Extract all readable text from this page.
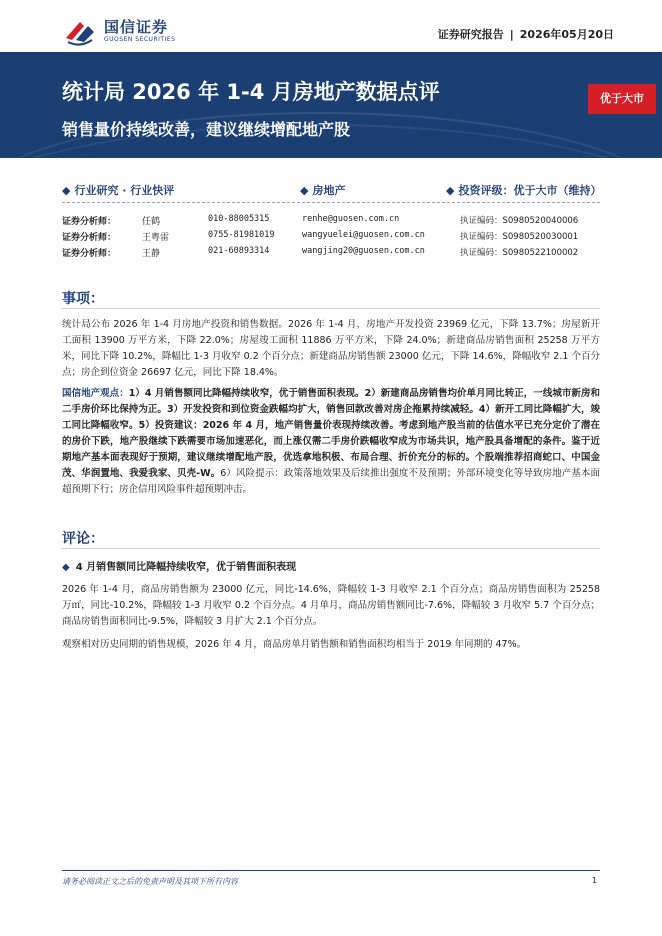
国信证券
GUOSEN SECURITIES	证券研究报告 | 2026年05月20日
统计局 2026 年 1-4 月房地产数据点评
销售量价持续改善，建议继续增配地产股
优于大市
◆ 行业研究 · 行业快评	◆ 房地产	◆ 投资评级：优于大市（维持）
证券分析师：	任鹤	010-88005315	renhe@guosen.com.cn	执证编码：S0980520040006
证券分析师：	王粤雷	0755-81981019	wangyuelei@guosen.com.cn	执证编码：S0980520030001
证券分析师：	王静	021-60893314	wangjing20@guosen.com.cn	执证编码：S0980522100002
事项：
统计局公布 2026 年 1-4 月房地产投资和销售数据。2026 年 1-4 月，房地产开发投资 23969 亿元，下降 13.7%；房屋新开工面积 13900 万平方米，下降 22.0%；房屋竣工面积 11886 万平方米，下降 24.0%；新建商品房销售面积 25258 万平方米，同比下降 10.2%，降幅比 1-3 月收窄 0.2 个百分点；新建商品房销售额 23000 亿元，下降 14.6%，降幅收窄 2.1 个百分点；房企到位资金 26697 亿元，同比下降 18.4%。
国信地产观点：1）4 月销售额同比降幅持续收窄，优于销售面积表现。2）新建商品房销售均价单月同比转正，一线城市新房和二手房价环比保持为正。3）开发投资和到位资金跌幅均扩大，销售回款改善对房企拖累持续减轻。4）新开工同比降幅扩大，竣工同比降幅收窄。5）投资建议：2026 年 4 月，地产销售量价表现持续改善。考虑到地产股当前的估值水平已充分定价了潜在的房价下跌，地产股继续下跌需要市场加速恶化，而上涨仅需二手房价跌幅收窄成为市场共识，地产股具备增配的条件。鉴于近期地产基本面表现好于预期，建议继续增配地产股，优选拿地积极、布局合理、折价充分的标的。个股端推荐招商蛇口、中国金茂、华润置地、我爱我家、贝壳-W。6）风险提示：政策落地效果及后续推出强度不及预期；外部环境变化等导致房地产基本面超预期下行；房企信用风险事件超预期冲击。
评论：
◆ 4 月销售额同比降幅持续收窄，优于销售面积表现
2026 年 1-4 月，商品房销售额为 23000 亿元，同比-14.6%，降幅较 1-3 月收窄 2.1 个百分点；商品房销售面积为 25258 万㎡，同比-10.2%，降幅较 1-3 月收窄 0.2 个百分点。4 月单月，商品房销售额同比-7.6%，降幅较 3 月收窄 5.7 个百分点；商品房销售面积同比-9.5%，降幅较 3 月扩大 2.1 个百分点。
观察相对历史同期的销售规模，2026 年 4 月，商品房单月销售额和销售面积均相当于 2019 年同期的 47%。
请务必阅读正文之后的免责声明及其项下所有内容	1
